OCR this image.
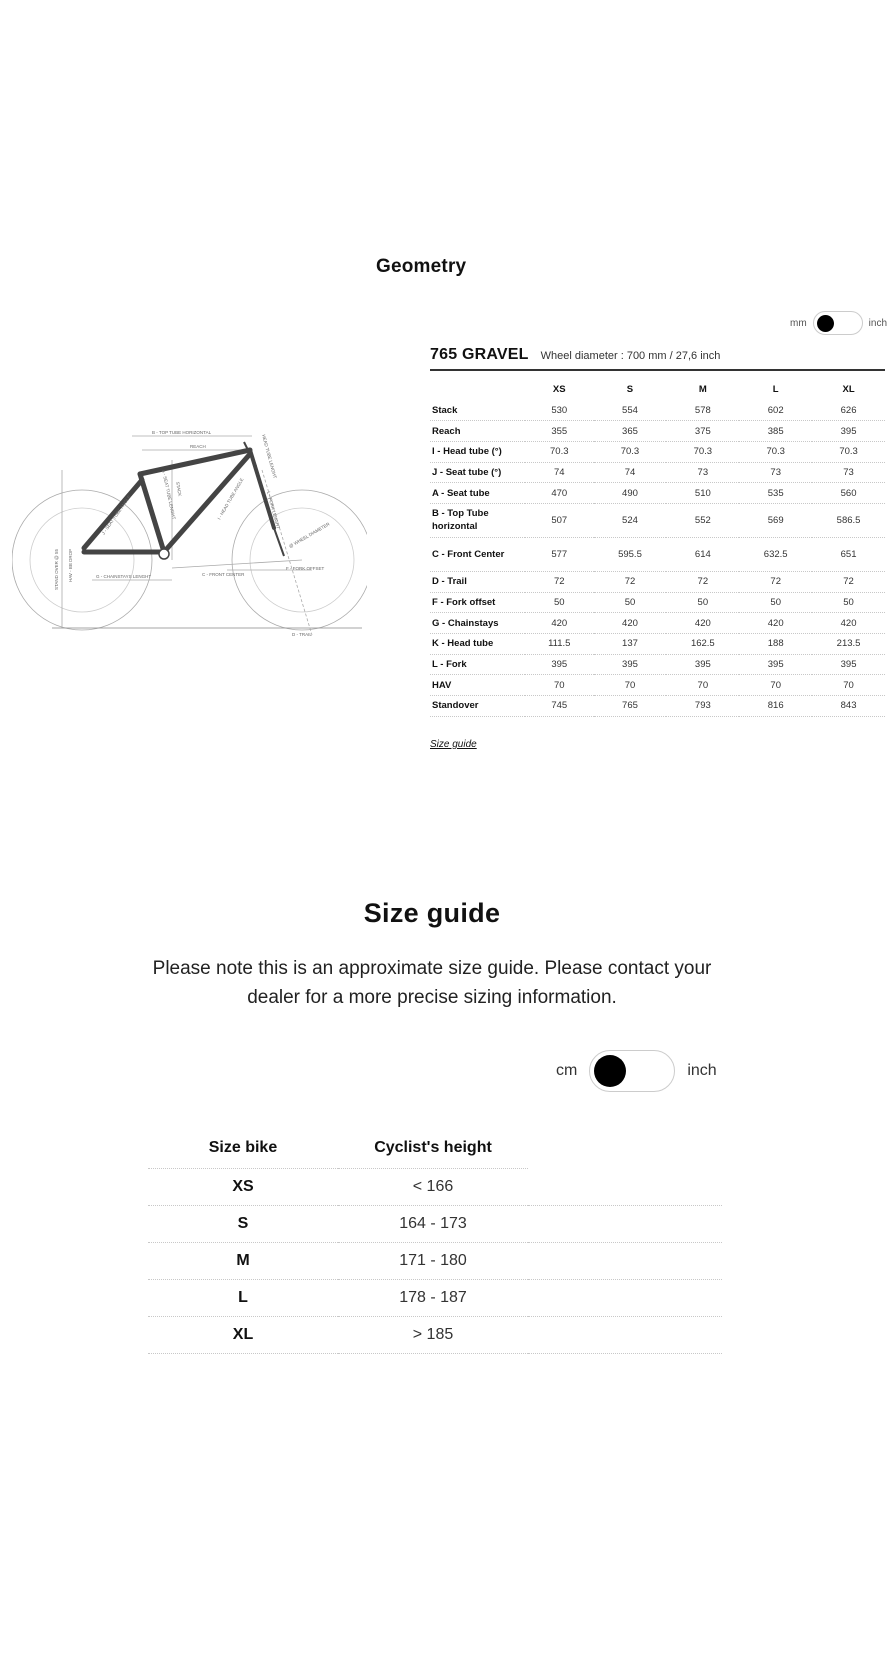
Geometry
mm	inch
B - TOP TUBE HORIZONTAL
REACH	HEAD TUBE LENGHT
A - SEAT TUBE LENGHT
J - SEAT TUBE ANGLE
STACK	I - HEAD TUBE ANGLE	L - FORK LENGHT
@ WHEEL DIAMETER
C - FRONT CENTER
F - FORK OFFSET
G - CHAINSTAYS LENGHT
HAV - BB DROP
STAND OVER @ 55
D - TRAIL
765 GRAVEL Wheel diameter : 700 mm / 27,6 inch
	XS	S	M	L	XL
Stack	530	554	578	602	626
Reach	355	365	375	385	395
I - Head tube (°)	70.3	70.3	70.3	70.3	70.3
J - Seat tube (°)	74	74	73	73	73
A - Seat tube	470	490	510	535	560
B - Top Tube horizontal	507	524	552	569	586.5
C - Front Center	577	595.5	614	632.5	651
D - Trail	72	72	72	72	72
F - Fork offset	50	50	50	50	50
G - Chainstays	420	420	420	420	420
K - Head tube	111.5	137	162.5	188	213.5
L - Fork	395	395	395	395	395
HAV	70	70	70	70	70
Standover	745	765	793	816	843
Size guide
Size guide

Please note this is an approximate size guide. Please contact your dealer for a more precise sizing information.

cm	inch
Size bike	Cyclist's height	
XS	< 166	
S	164 - 173	
M	171 - 180	
L	178 - 187	
XL	> 185	
